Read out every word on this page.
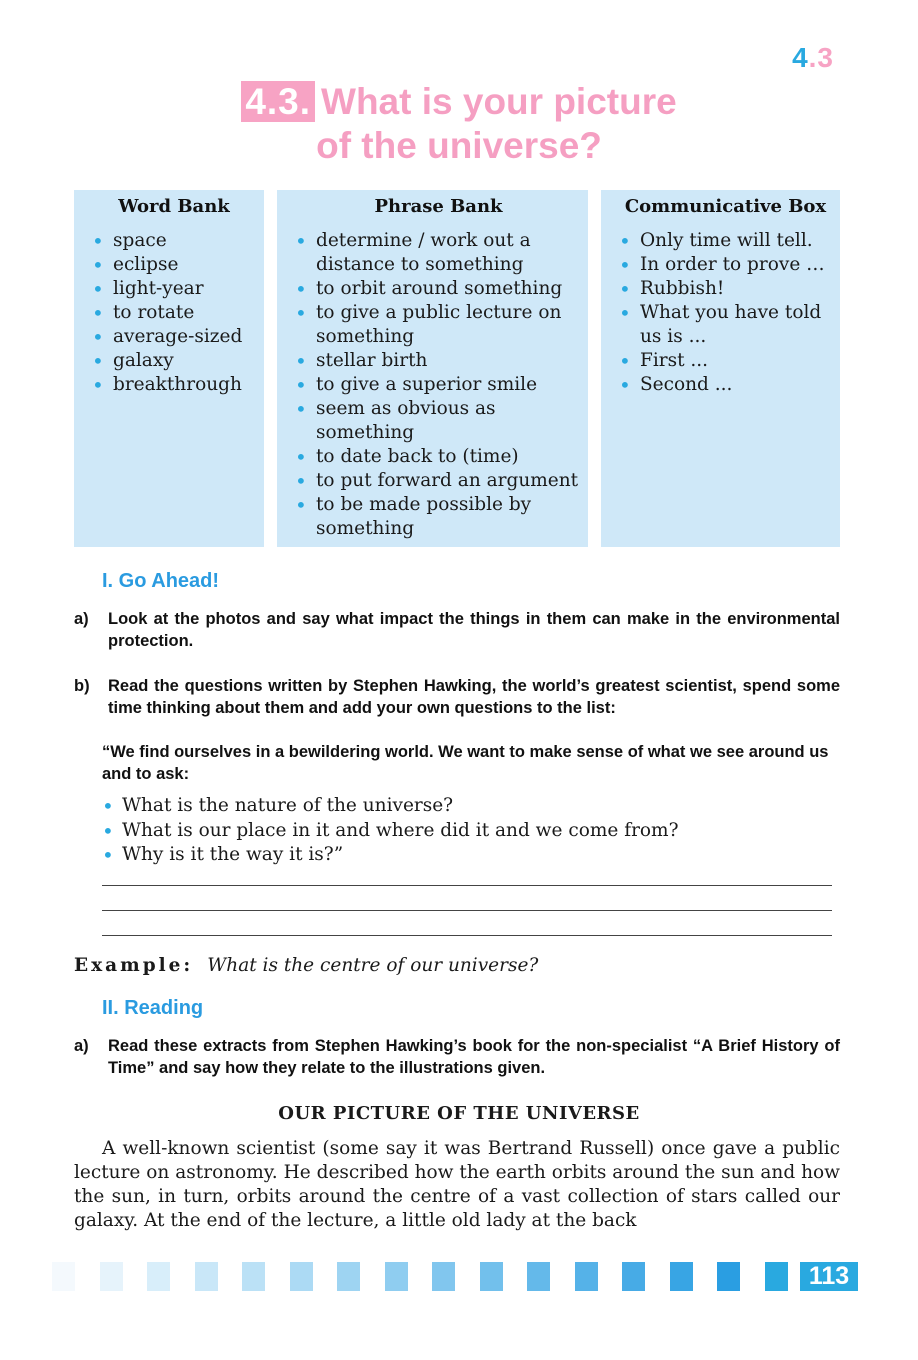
4.3
4.3. What is your picture
of the universe?
Word Bank
• space
• eclipse
• light-year
• to rotate
• average-sized
• galaxy
• breakthrough
Phrase Bank
• determine / work out a distance to something
• to orbit around something
• to give a public lecture on something
• stellar birth
• to give a superior smile
• seem as obvious as something
• to date back to (time)
• to put forward an argument
• to be made possible by something
Communicative Box
• Only time will tell.
• In order to prove …
• Rubbish!
• What you have told us is ...
• First ...
• Second ...
I. Go Ahead!
a) Look at the photos and say what impact the things in them can make in the environmental protection.
b) Read the questions written by Stephen Hawking, the world’s greatest scientist, spend some time thinking about them and add your own questions to the list:
“We find ourselves in a bewildering world. We want to make sense of what we see around us and to ask:
• What is the nature of the universe?
• What is our place in it and where did it and we come from?
• Why is it the way it is?”
Example: What is the centre of our universe?
II. Reading
a) Read these extracts from Stephen Hawking’s book for the non-specialist “A Brief History of Time” and say how they relate to the illustrations given.
OUR PICTURE OF THE UNIVERSE

A well-known scientist (some say it was Bertrand Russell) once gave a public lecture on astronomy. He described how the earth orbits around the sun and how the sun, in turn, orbits around the centre of a vast collection of stars called our galaxy. At the end of the lecture, a little old lady at the back

113
